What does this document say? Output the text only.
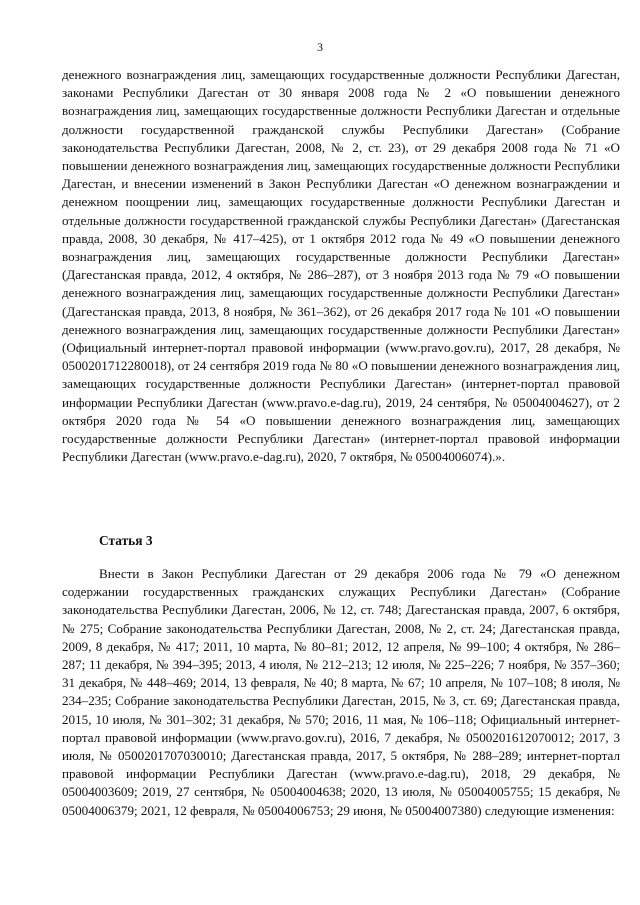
3

денежного вознаграждения лиц, замещающих государственные должности Республики Дагестан, законами Республики Дагестан от 30 января 2008 года № 2 «О повышении денежного вознаграждения лиц, замещающих государственные должности Республики Дагестан и отдельные должности государственной гражданской службы Республики Дагестан» (Собрание законодательства Республики Дагестан, 2008, № 2, ст. 23), от 29 декабря 2008 года № 71 «О повышении денежного вознаграждения лиц, замещающих государственные должности Республики Дагестан, и внесении изменений в Закон Республики Дагестан «О денежном вознаграждении и денежном поощрении лиц, замещающих государственные должности Республики Дагестан и отдельные должности государственной гражданской службы Республики Дагестан» (Дагестанская правда, 2008, 30 декабря, № 417–425), от 1 октября 2012 года № 49 «О повышении денежного вознаграждения лиц, замещающих государственные должности Республики Дагестан» (Дагестанская правда, 2012, 4 октября, № 286–287), от 3 ноября 2013 года № 79 «О повышении денежного вознаграждения лиц, замещающих государственные должности Республики Дагестан» (Дагестанская правда, 2013, 8 ноября, № 361–362), от 26 декабря 2017 года № 101 «О повышении денежного вознаграждения лиц, замещающих государственные должности Республики Дагестан» (Официальный интернет-портал правовой информации (www.pravo.gov.ru), 2017, 28 декабря, № 0500201712280018), от 24 сентября 2019 года № 80 «О повышении денежного вознаграждения лиц, замещающих государственные должности Республики Дагестан» (интернет-портал правовой информации Республики Дагестан (www.pravo.e-dag.ru), 2019, 24 сентября, № 05004004627), от 2 октября 2020 года № 54 «О повышении денежного вознаграждения лиц, замещающих государственные должности Республики Дагестан» (интернет-портал правовой информации Республики Дагестан (www.pravo.e-dag.ru), 2020, 7 октября, № 05004006074).».

Статья 3

Внести в Закон Республики Дагестан от 29 декабря 2006 года № 79 «О денежном содержании государственных гражданских служащих Республики Дагестан» (Собрание законодательства Республики Дагестан, 2006, № 12, ст. 748; Дагестанская правда, 2007, 6 октября, № 275; Собрание законодательства Республики Дагестан, 2008, № 2, ст. 24; Дагестанская правда, 2009, 8 декабря, № 417; 2011, 10 марта, № 80–81; 2012, 12 апреля, № 99–100; 4 октября, № 286–287; 11 декабря, № 394–395; 2013, 4 июля, № 212–213; 12 июля, № 225–226; 7 ноября, № 357–360; 31 декабря, № 448–469; 2014, 13 февраля, № 40; 8 марта, № 67; 10 апреля, № 107–108; 8 июля, № 234–235; Собрание законодательства Республики Дагестан, 2015, № 3, ст. 69; Дагестанская правда, 2015, 10 июля, № 301–302; 31 декабря, № 570; 2016, 11 мая, № 106–118; Официальный интернет-портал правовой информации (www.pravo.gov.ru), 2016, 7 декабря, № 0500201612070012; 2017, 3 июля, № 0500201707030010; Дагестанская правда, 2017, 5 октября, № 288–289; интернет-портал правовой информации Республики Дагестан (www.pravo.e-dag.ru), 2018, 29 декабря, № 05004003609; 2019, 27 сентября, № 05004004638; 2020, 13 июля, № 05004005755; 15 декабря, № 05004006379; 2021, 12 февраля, № 05004006753; 29 июня, № 05004007380) следующие изменения:
